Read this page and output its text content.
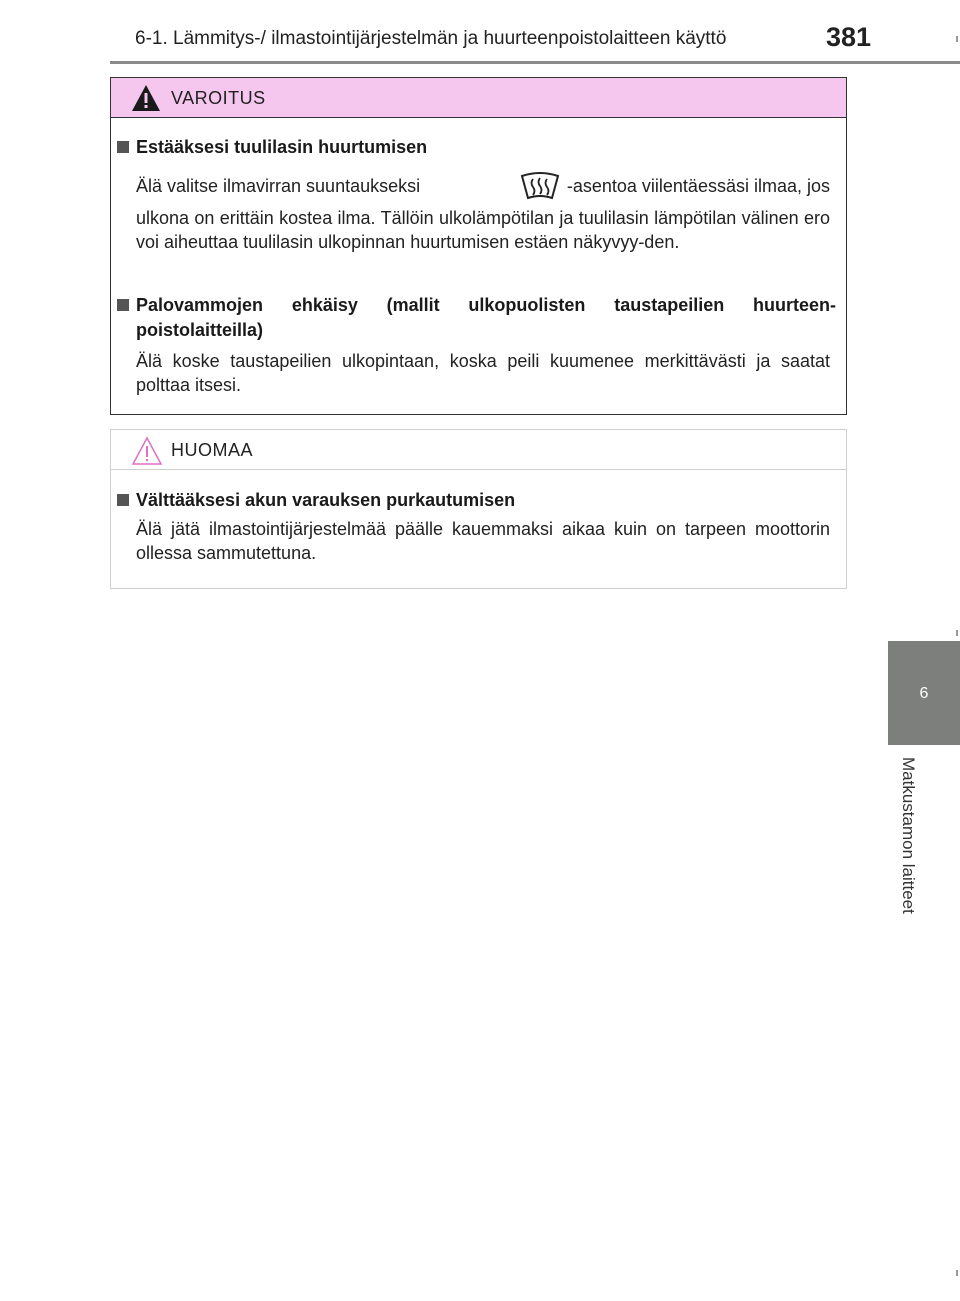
6-1. Lämmitys-/ ilmastointijärjestelmän ja huurteenpoistolaitteen käyttö	381
6
Matkustamon laitteet
VAROITUS
Estääksesi tuulilasin huurtumisen
Älä valitse ilmavirran suuntaukseksi	-asentoa viilentäessäsi ilmaa, jos
ulkona on erittäin kostea ilma. Tällöin ulkolämpötilan ja tuulilasin lämpötilan välinen ero voi aiheuttaa tuulilasin ulkopinnan huurtumisen estäen näkyvyy-den.
Palovammojen ehkäisy (mallit ulkopuolisten taustapeilien huurteen-poistolaitteilla)
Älä koske taustapeilien ulkopintaan, koska peili kuumenee merkittävästi ja saatat polttaa itsesi.
HUOMAA
Välttääksesi akun varauksen purkautumisen
Älä jätä ilmastointijärjestelmää päälle kauemmaksi aikaa kuin on tarpeen moottorin ollessa sammutettuna.
